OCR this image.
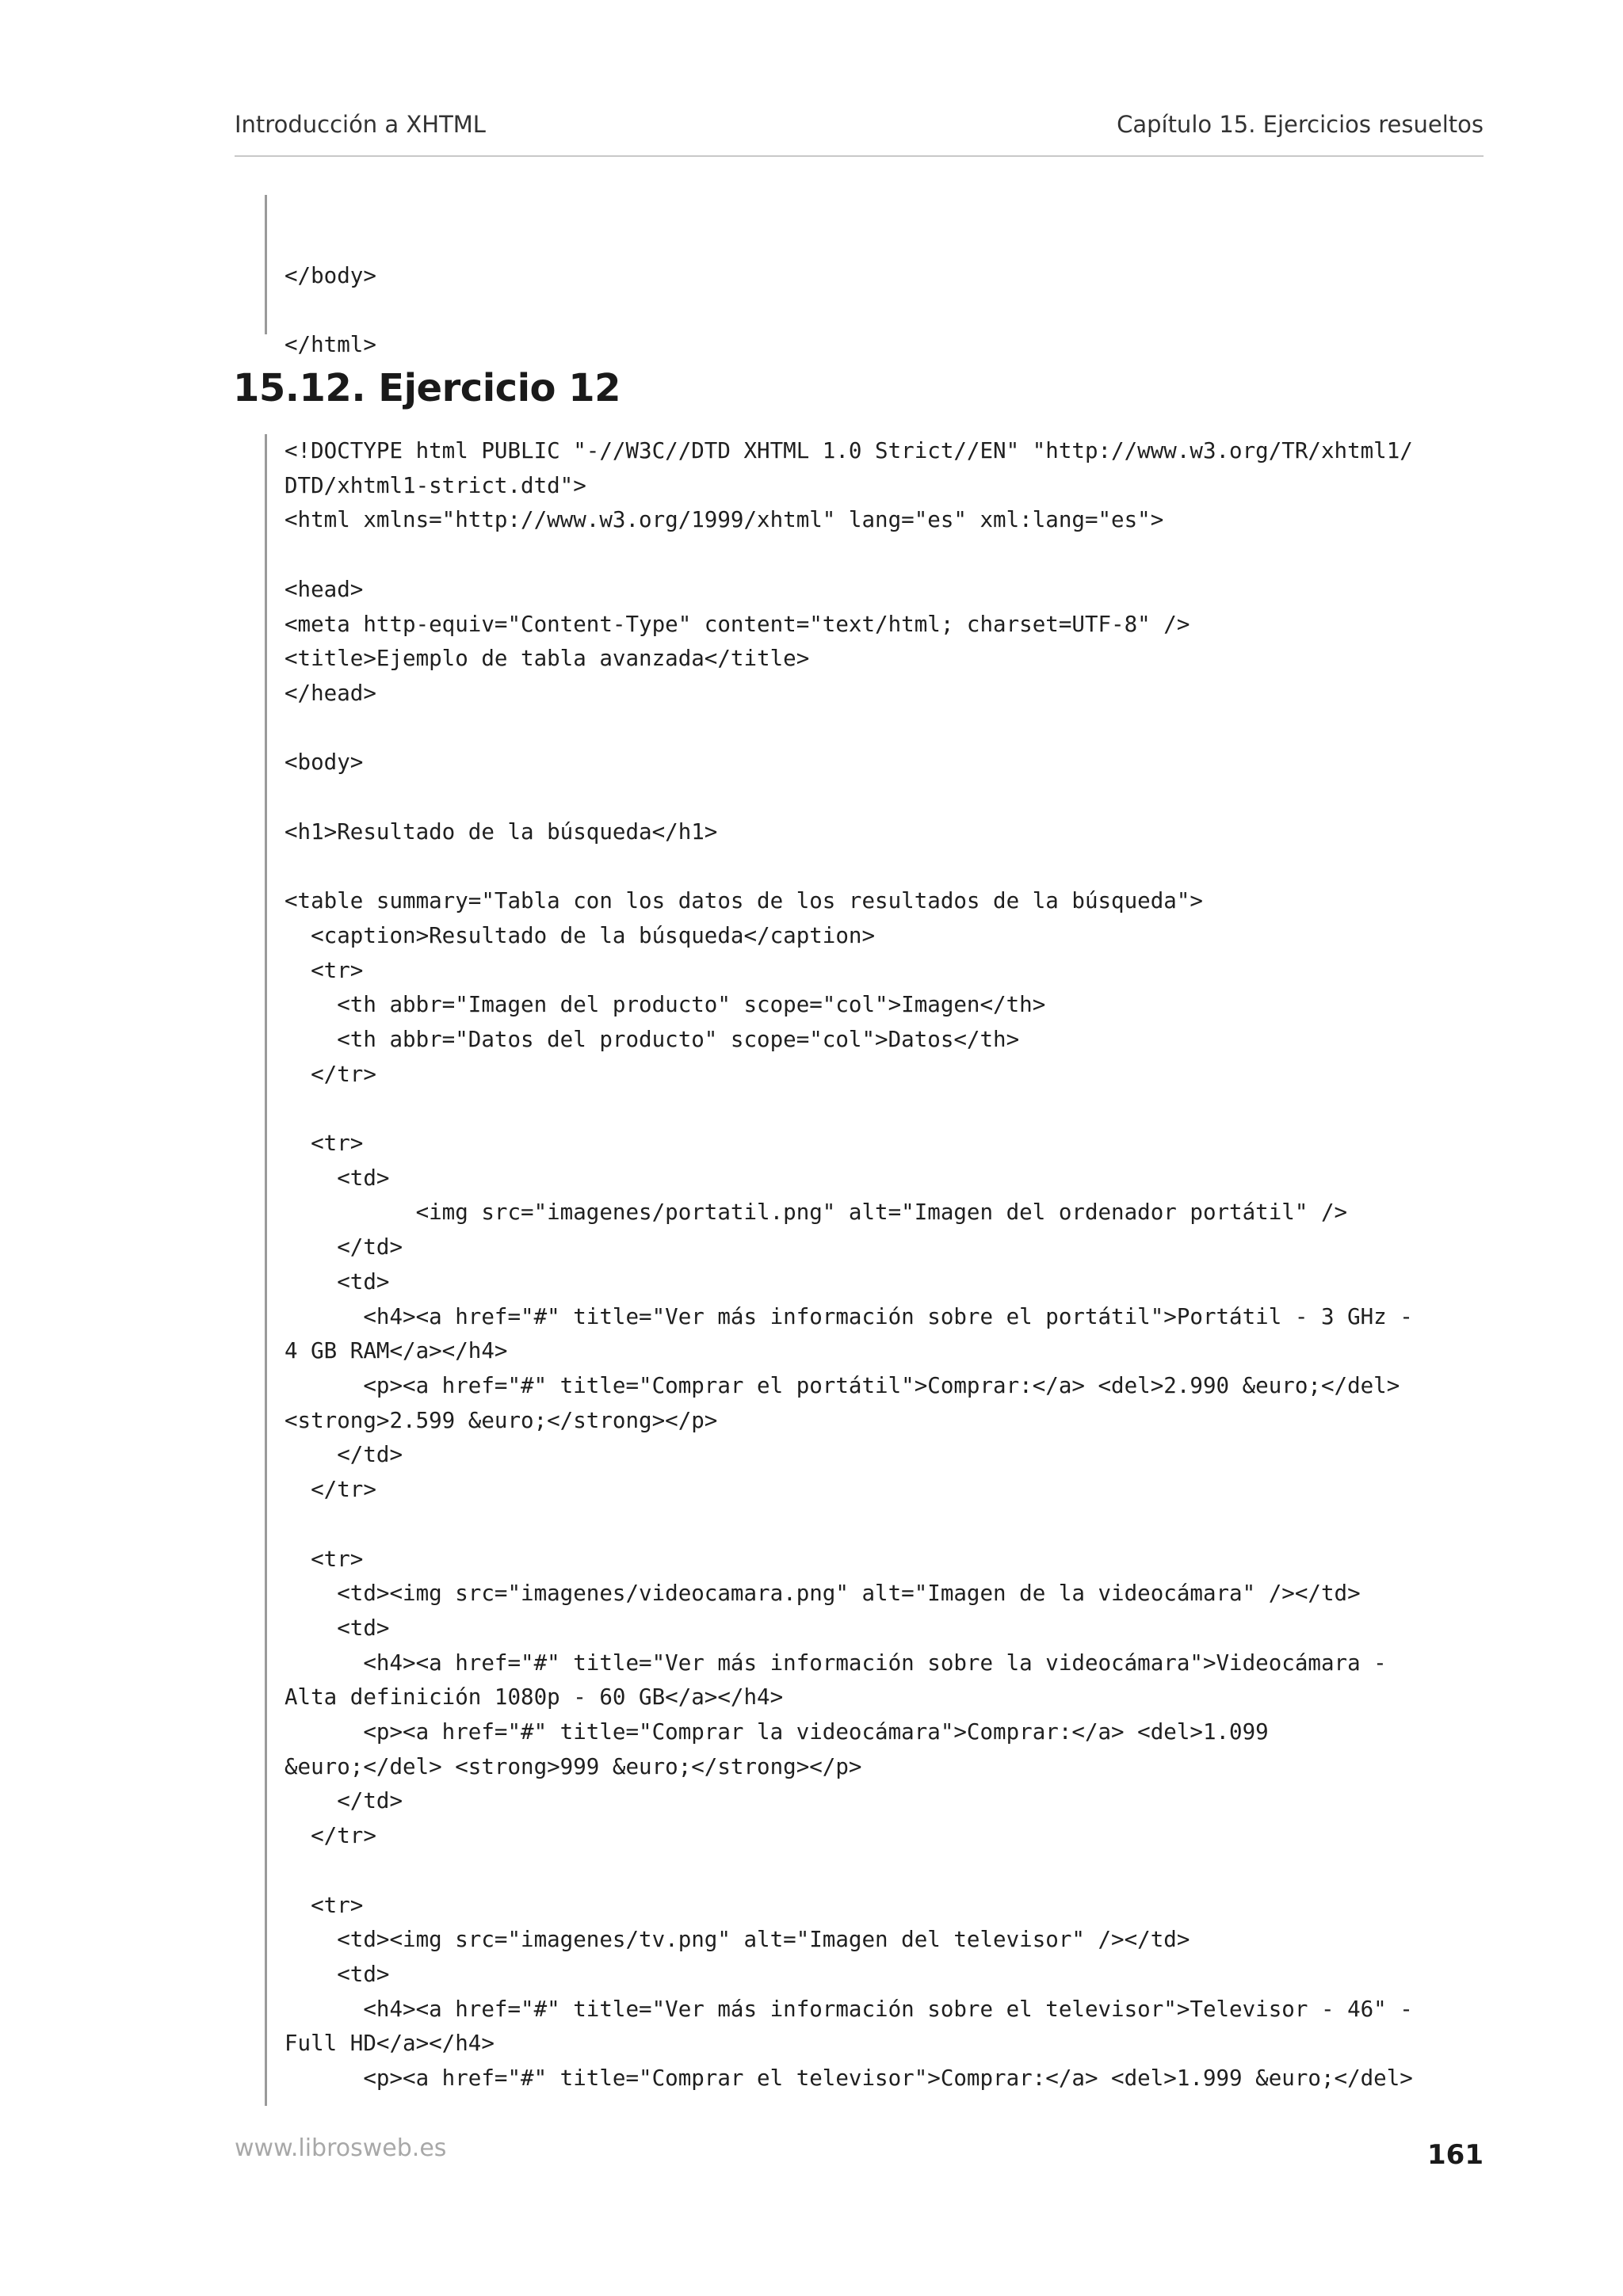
Introducción a XHTML	Capítulo 15. Ejercicios resueltos

</body>

</html>
15.12. Ejercicio 12
<!DOCTYPE html PUBLIC "-//W3C//DTD XHTML 1.0 Strict//EN" "http://www.w3.org/TR/xhtml1/
DTD/xhtml1-strict.dtd">
<html xmlns="http://www.w3.org/1999/xhtml" lang="es" xml:lang="es">

<head>
<meta http-equiv="Content-Type" content="text/html; charset=UTF-8" />
<title>Ejemplo de tabla avanzada</title>
</head>

<body>

<h1>Resultado de la búsqueda</h1>

<table summary="Tabla con los datos de los resultados de la búsqueda">
<caption>Resultado de la búsqueda</caption>
<tr>
<th abbr="Imagen del producto" scope="col">Imagen</th>
<th abbr="Datos del producto" scope="col">Datos</th>
</tr>

<tr>
<td>
<img src="imagenes/portatil.png" alt="Imagen del ordenador portátil" />
</td>
<td>
<h4><a href="#" title="Ver más información sobre el portátil">Portátil - 3 GHz -
4 GB RAM</a></h4>
<p><a href="#" title="Comprar el portátil">Comprar:</a> <del>2.990 &euro;</del>
<strong>2.599 &euro;</strong></p>
</td>
</tr>

<tr>
<td><img src="imagenes/videocamara.png" alt="Imagen de la videocámara" /></td>
<td>
<h4><a href="#" title="Ver más información sobre la videocámara">Videocámara -
Alta definición 1080p - 60 GB</a></h4>
<p><a href="#" title="Comprar la videocámara">Comprar:</a> <del>1.099
&euro;</del> <strong>999 &euro;</strong></p>
</td>
</tr>

<tr>
<td><img src="imagenes/tv.png" alt="Imagen del televisor" /></td>
<td>
<h4><a href="#" title="Ver más información sobre el televisor">Televisor - 46" -
Full HD</a></h4>
<p><a href="#" title="Comprar el televisor">Comprar:</a> <del>1.999 &euro;</del>
www.librosweb.es	161
